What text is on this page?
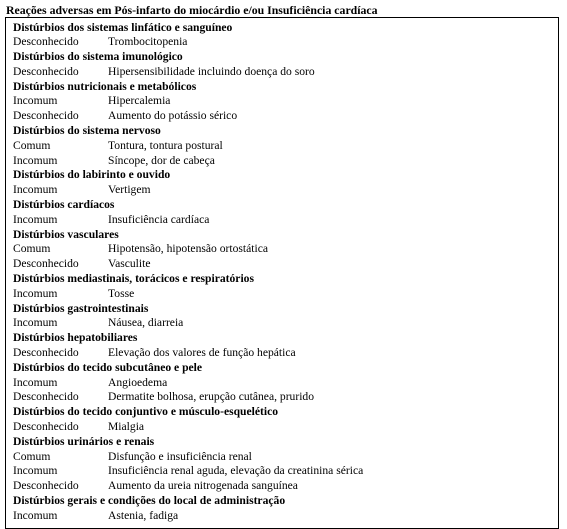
Reações adversas em Pós-infarto do miocárdio e/ou Insuficiência cardíaca
Distúrbios dos sistemas linfático e sanguíneo
Desconhecido	Trombocitopenia
Distúrbios do sistema imunológico
Desconhecido	Hipersensibilidade incluindo doença do soro
Distúrbios nutricionais e metabólicos
Incomum	Hipercalemia
Desconhecido	Aumento do potássio sérico
Distúrbios do sistema nervoso
Comum	Tontura, tontura postural
Incomum	Síncope, dor de cabeça
Distúrbios do labirinto e ouvido
Incomum	Vertigem
Distúrbios cardíacos
Incomum	Insuficiência cardíaca
Distúrbios vasculares
Comum	Hipotensão, hipotensão ortostática
Desconhecido	Vasculite
Distúrbios mediastinais, torácicos e respiratórios
Incomum	Tosse
Distúrbios gastrointestinais
Incomum	Náusea, diarreia
Distúrbios hepatobiliares
Desconhecido	Elevação dos valores de função hepática
Distúrbios do tecido subcutâneo e pele
Incomum	Angioedema
Desconhecido	Dermatite bolhosa, erupção cutânea, prurido
Distúrbios do tecido conjuntivo e músculo-esquelético
Desconhecido	Mialgia
Distúrbios urinários e renais
Comum	Disfunção e insuficiência renal
Incomum	Insuficiência renal aguda, elevação da creatinina sérica
Desconhecido	Aumento da ureia nitrogenada sanguínea
Distúrbios gerais e condições do local de administração
Incomum	Astenia, fadiga
